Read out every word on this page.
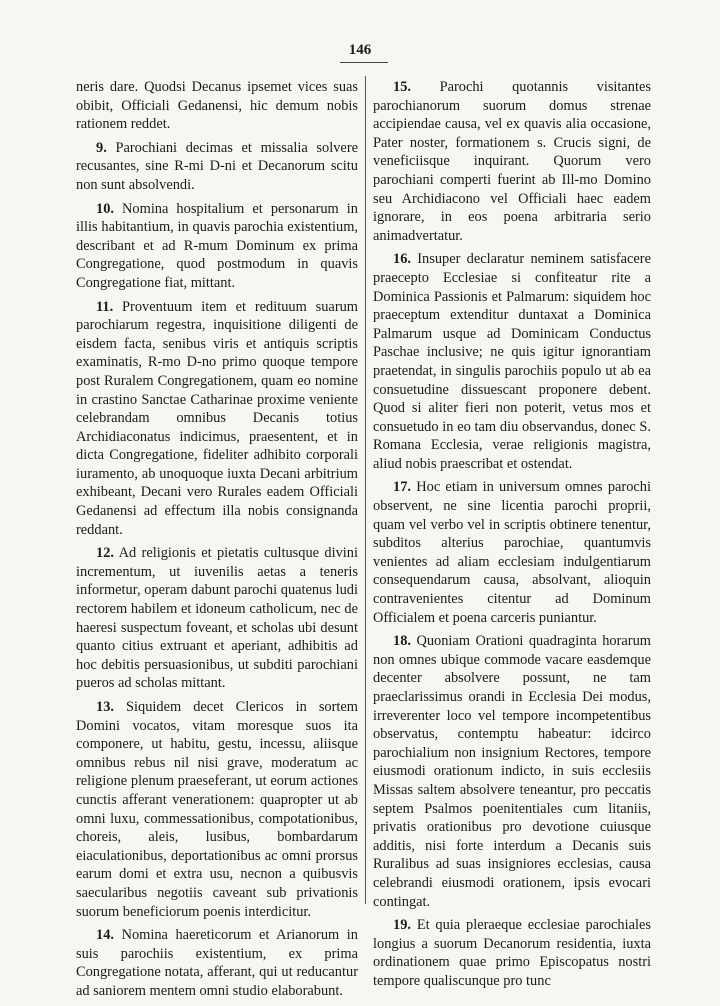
146

neris dare. Quodsi Decanus ipsemet vices suas obibit, Officiali Gedanensi, hic demum nobis rationem reddet.

9. Parochiani decimas et missalia solvere recusantes, sine R-mi D-ni et Decanorum scitu non sunt absolvendi.

10. Nomina hospitalium et personarum in illis habitantium, in quavis parochia existentium, describant et ad R-mum Dominum ex prima Congregatione, quod postmodum in quavis Congregatione fiat, mittant.

11. Proventuum item et redituum suarum parochiarum regestra, inquisitione diligenti de eisdem facta, senibus viris et antiquis scriptis examinatis, R-mo D-no primo quoque tempore post Ruralem Congregationem, quam eo nomine in crastino Sanctae Catharinae proxime veniente celebrandam omnibus Decanis totius Archidiaconatus indicimus, praesentent, et in dicta Congregatione, fideliter adhibito corporali iuramento, ab unoquoque iuxta Decani arbitrium exhibeant, Decani vero Rurales eadem Officiali Gedanensi ad effectum illa nobis consignanda reddant.

12. Ad religionis et pietatis cultusque divini incrementum, ut iuvenilis aetas a teneris informetur, operam dabunt parochi quatenus ludi rectorem habilem et idoneum catholicum, nec de haeresi suspectum foveant, et scholas ubi desunt quanto citius extruant et aperiant, adhibitis ad hoc debitis persuasionibus, ut subditi parochiani pueros ad scholas mittant.

13. Siquidem decet Clericos in sortem Domini vocatos, vitam moresque suos ita componere, ut habitu, gestu, incessu, aliisque omnibus rebus nil nisi grave, moderatum ac religione plenum praeseferant, ut eorum actiones cunctis afferant venerationem: quapropter ut ab omni luxu, commessationibus, compotationibus, choreis, aleis, lusibus, bombardarum eiaculationibus, deportationibus ac omni prorsus earum domi et extra usu, necnon a quibusvis saecularibus negotiis caveant sub privationis suorum beneficiorum poenis interdicitur.

14. Nomina haereticorum et Arianorum in suis parochiis existentium, ex prima Congregatione notata, afferant, qui ut reducantur ad saniorem mentem omni studio elaborabunt.

15. Parochi quotannis visitantes parochianorum suorum domus strenae accipiendae causa, vel ex quavis alia occasione, Pater noster, formationem s. Crucis signi, de veneficiisque inquirant. Quorum vero parochiani comperti fuerint ab Ill-mo Domino seu Archidiacono vel Officiali haec eadem ignorare, in eos poena arbitraria serio animadvertatur.

16. Insuper declaratur neminem satisfacere praecepto Ecclesiae si confiteatur rite a Dominica Passionis et Palmarum: siquidem hoc praeceptum extenditur duntaxat a Dominica Palmarum usque ad Dominicam Conductus Paschae inclusive; ne quis igitur ignorantiam praetendat, in singulis parochiis populo ut ab ea consuetudine dissuescant proponere debent. Quod si aliter fieri non poterit, vetus mos et consuetudo in eo tam diu observandus, donec S. Romana Ecclesia, verae religionis magistra, aliud nobis praescribat et ostendat.

17. Hoc etiam in universum omnes parochi observent, ne sine licentia parochi proprii, quam vel verbo vel in scriptis obtinere tenentur, subditos alterius parochiae, quantumvis venientes ad aliam ecclesiam indulgentiarum consequendarum causa, absolvant, alioquin contravenientes citentur ad Dominum Officialem et poena carceris puniantur.

18. Quoniam Orationi quadraginta horarum non omnes ubique commode vacare easdemque decenter absolvere possunt, ne tam praeclarissimus orandi in Ecclesia Dei modus, irreverenter loco vel tempore incompetentibus observatus, contemptu habeatur: idcirco parochialium non insignium Rectores, tempore eiusmodi orationum indicto, in suis ecclesiis Missas saltem absolvere teneantur, pro peccatis septem Psalmos poenitentiales cum litaniis, privatis orationibus pro devotione cuiusque additis, nisi forte interdum a Decanis suis Ruralibus ad suas insigniores ecclesias, causa celebrandi eiusmodi orationem, ipsis evocari contingat.

19. Et quia pleraeque ecclesiae parochiales longius a suorum Decanorum residentia, iuxta ordinationem quae primo Episcopatus nostri tempore qualiscunque pro tunc
